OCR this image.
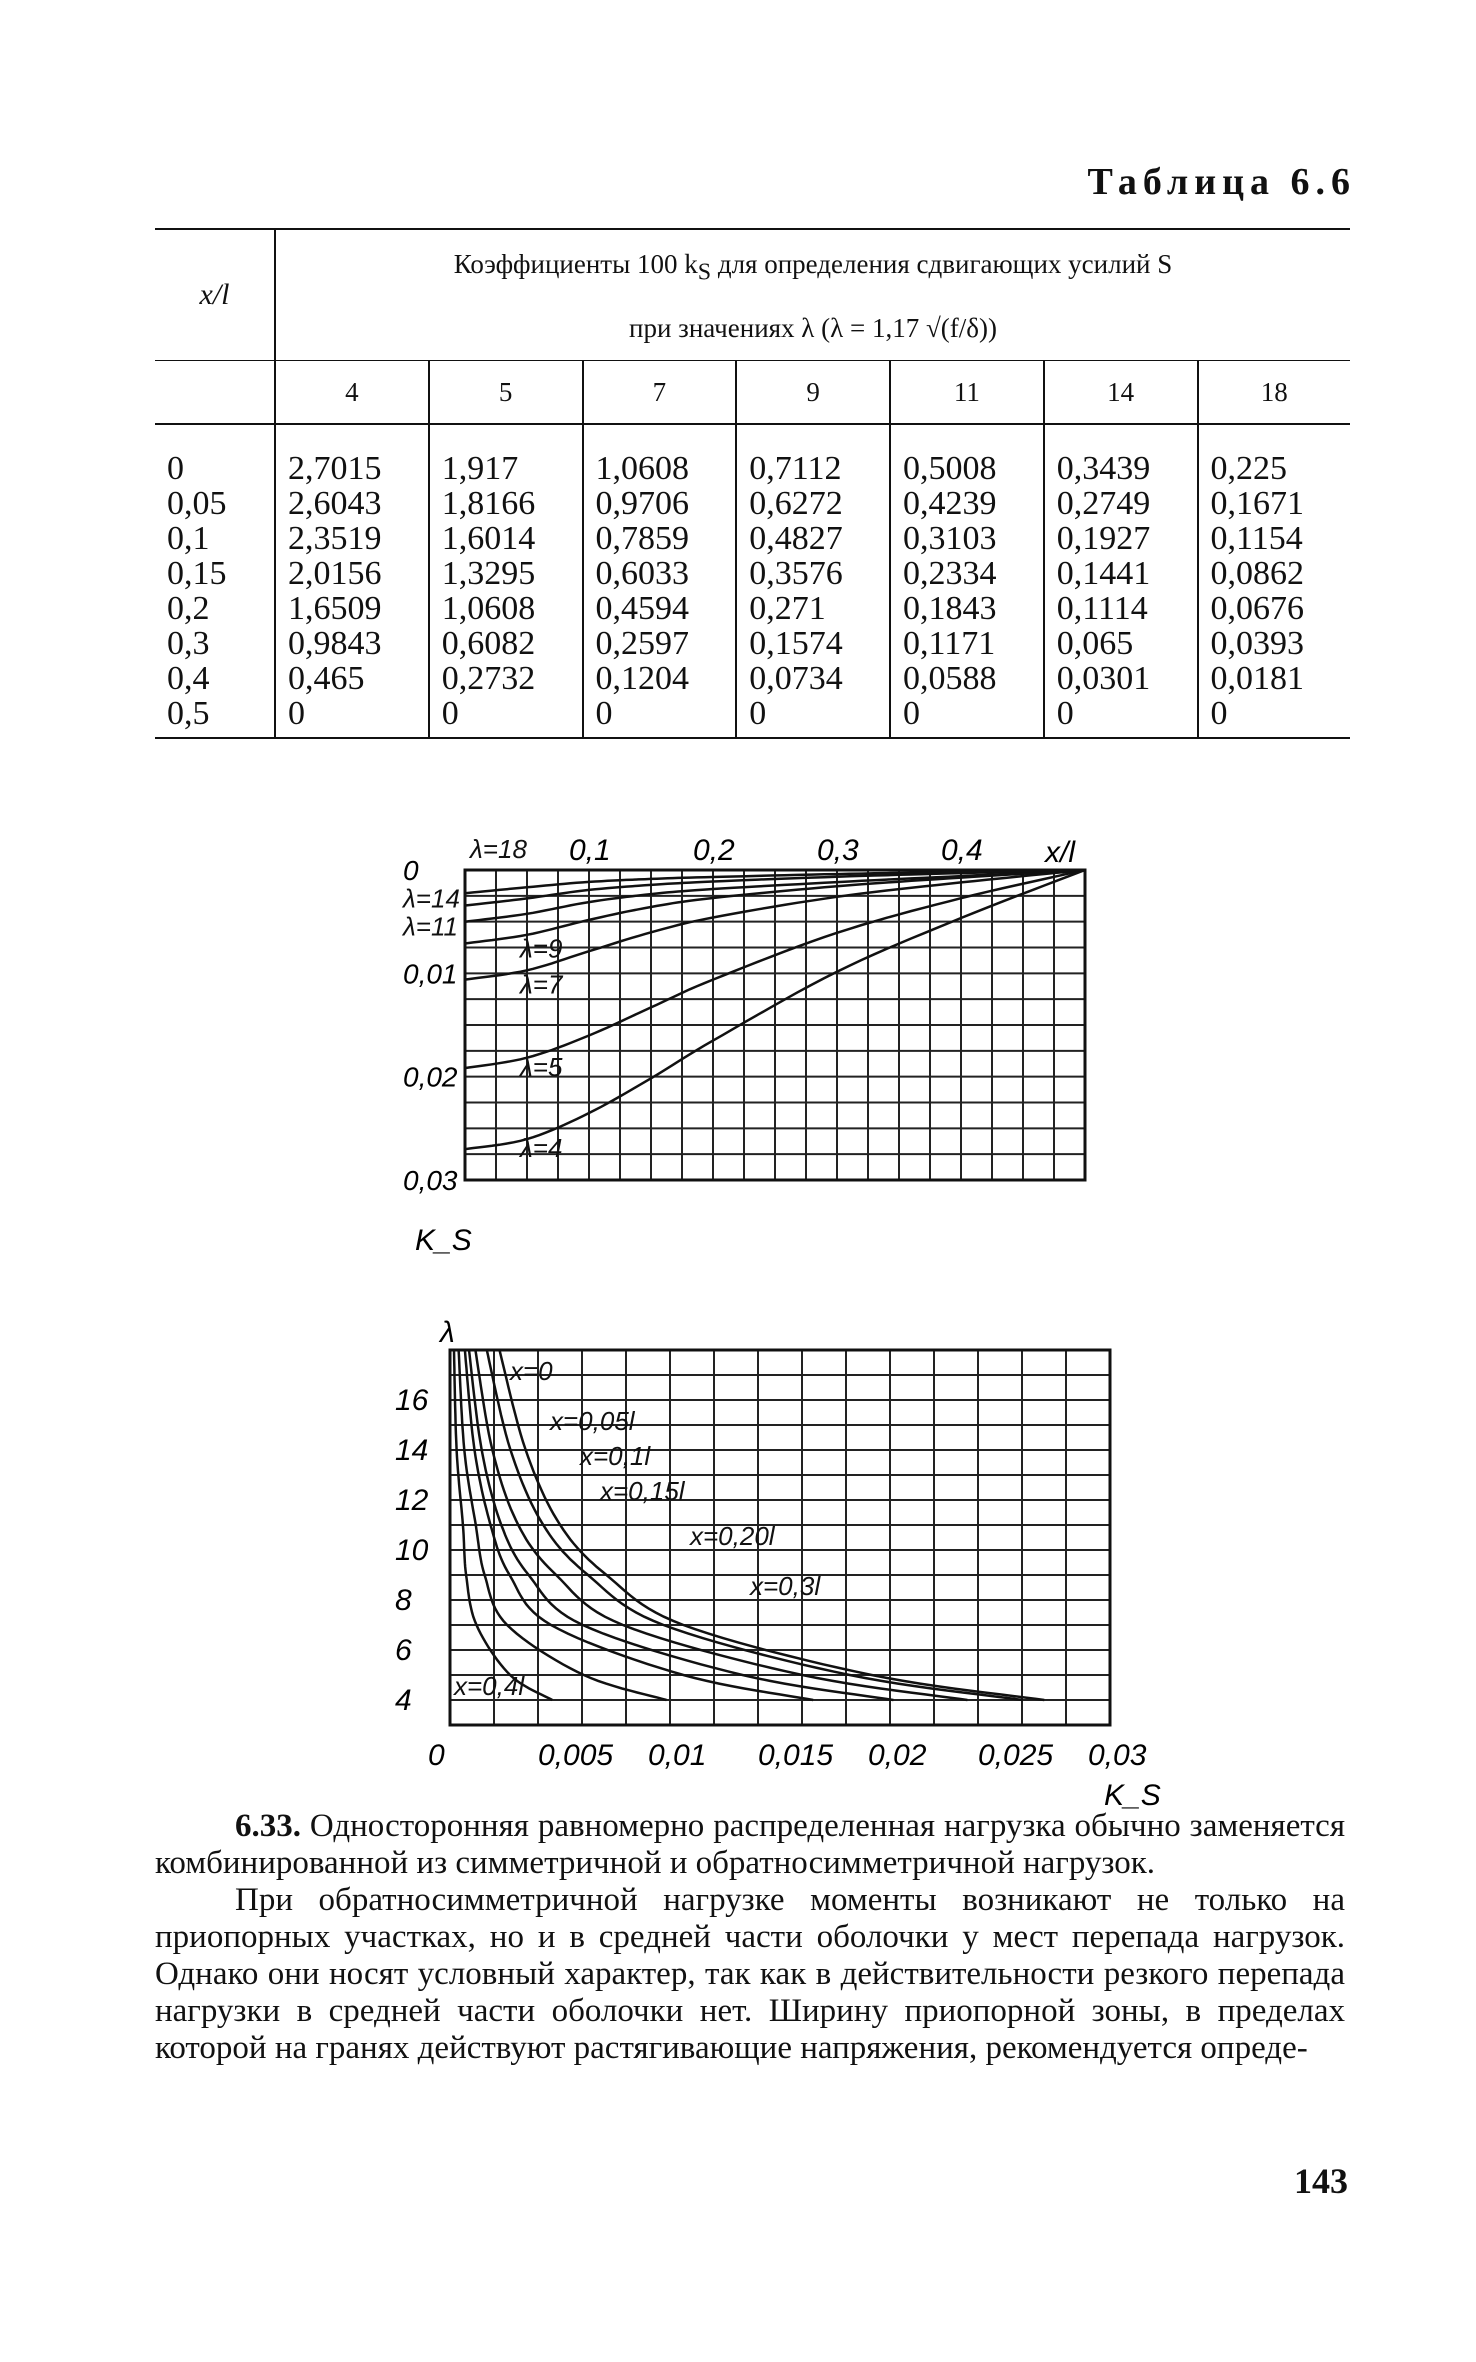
Таблица 6.6
x/l	Коэффициенты 100 $k_S$ для определения сдвигающих усилий S						
	при значениях λ (λ = 1,17 √(f/δ))						
	4	5	7	9	11	14	18
0	2,7015	1,917	1,0608	0,7112	0,5008	0,3439	0,225
0,05	2,6043	1,8166	0,9706	0,6272	0,4239	0,2749	0,1671
0,1	2,3519	1,6014	0,7859	0,4827	0,3103	0,1927	0,1154
0,15	2,0156	1,3295	0,6033	0,3576	0,2334	0,1441	0,0862
0,2	1,6509	1,0608	0,4594	0,271	0,1843	0,1114	0,0676
0,3	0,9843	0,6082	0,2597	0,1574	0,1171	0,065	0,0393
0,4	0,465	0,2732	0,1204	0,0734	0,0588	0,0301	0,0181
0,5	0	0	0	0	0	0	0
0,1	0,2	0,3	0,4 x/l
0
0,01
0,02
0,03
K_S
λ=4
λ=5
λ=7
λ=9
λ=11
λ=14
λ=18
0	0,005 0,01 0,015 0,02 0,025 0,03
K_S
4
6
8
10
12
14
16
λ
x=0
x=0,05l
x=0,1l
x=0,15l
x=0,20l
x=0,3l
x=0,4l

6.33. Односторонняя равномерно распределенная нагрузка обычно заменяется комбинированной из симметричной и обратносимметричной нагрузок.

При обратносимметричной нагрузке моменты возникают не только на приопорных участках, но и в средней части оболочки у мест перепада нагрузок. Однако они носят условный характер, так как в действительности резкого перепада нагрузки в средней части оболочки нет. Ширину приопорной зоны, в пределах которой на гранях действуют растягивающие напряжения, рекомендуется опреде-

143
